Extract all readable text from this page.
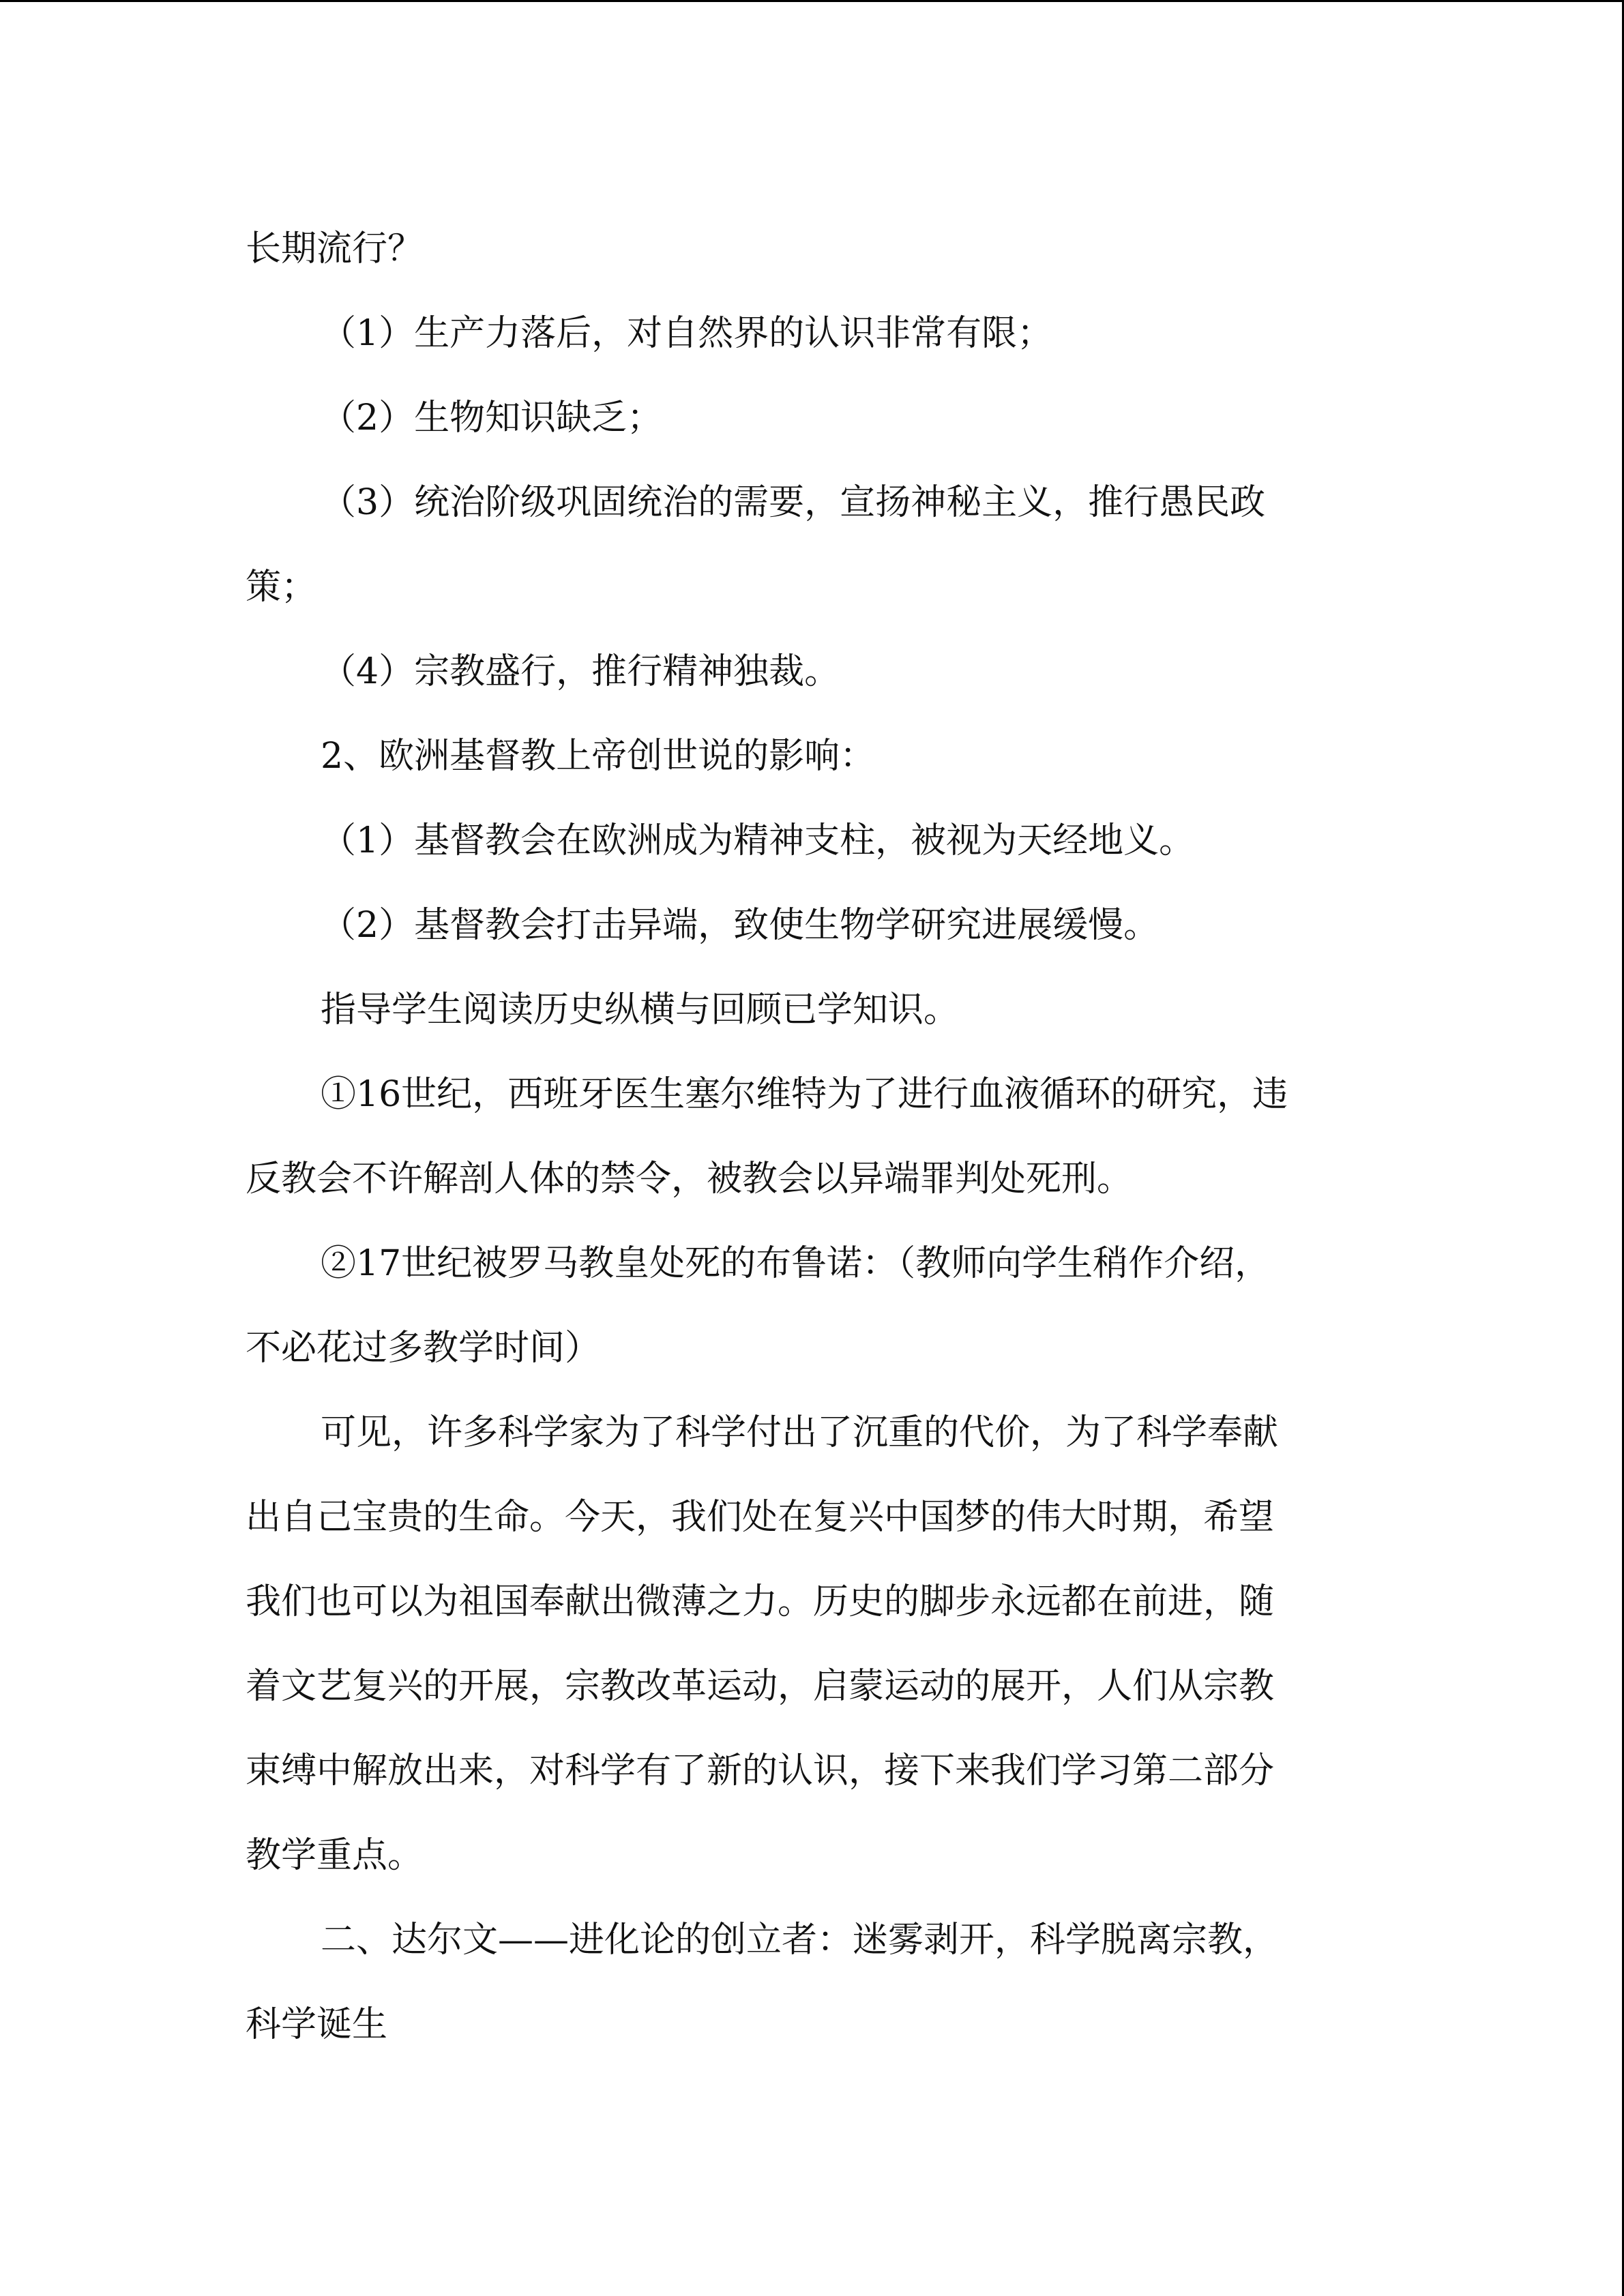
长期流行？

（1）生产力落后，对自然界的认识非常有限；

（2）生物知识缺乏；

（3）统治阶级巩固统治的需要，宣扬神秘主义，推行愚民政

策；

（4）宗教盛行，推行精神独裁。

2、欧洲基督教上帝创世说的影响：

（1）基督教会在欧洲成为精神支柱，被视为天经地义。

（2）基督教会打击异端，致使生物学研究进展缓慢。

指导学生阅读历史纵横与回顾已学知识。

①16世纪，西班牙医生塞尔维特为了进行血液循环的研究，违

反教会不许解剖人体的禁令，被教会以异端罪判处死刑。

②17世纪被罗马教皇处死的布鲁诺：（教师向学生稍作介绍，

不必花过多教学时间）

可见，许多科学家为了科学付出了沉重的代价，为了科学奉献

出自己宝贵的生命。今天，我们处在复兴中国梦的伟大时期，希望

我们也可以为祖国奉献出微薄之力。历史的脚步永远都在前进，随

着文艺复兴的开展，宗教改革运动，启蒙运动的展开，人们从宗教

束缚中解放出来，对科学有了新的认识，接下来我们学习第二部分

教学重点。

二、达尔文——进化论的创立者：迷雾剥开，科学脱离宗教，

科学诞生
